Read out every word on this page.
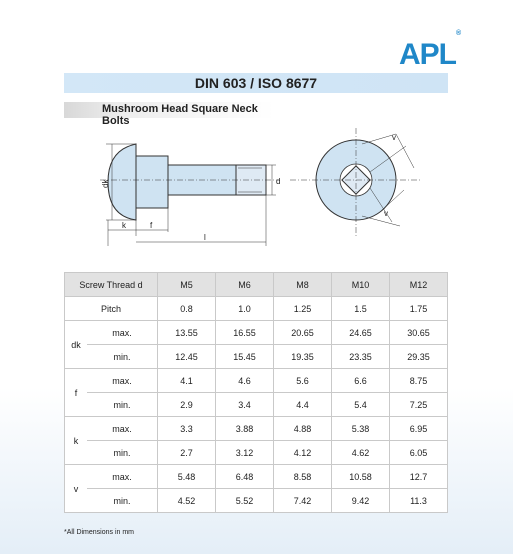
APL®
DIN 603 / ISO 8677
Mushroom Head Square Neck Bolts
dk	d
k	f
l
v
v
Screw Thread d		M5	M6	M8	M10	M12
Pitch		0.8	1.0	1.25	1.5	1.75
dk	max.	13.55	16.55	20.65	24.65	30.65
	min.	12.45	15.45	19.35	23.35	29.35
f	max.	4.1	4.6	5.6	6.6	8.75
	min.	2.9	3.4	4.4	5.4	7.25
k	max.	3.3	3.88	4.88	5.38	6.95
	min.	2.7	3.12	4.12	4.62	6.05
v	max.	5.48	6.48	8.58	10.58	12.7
	min.	4.52	5.52	7.42	9.42	11.3
*All Dimensions in mm
